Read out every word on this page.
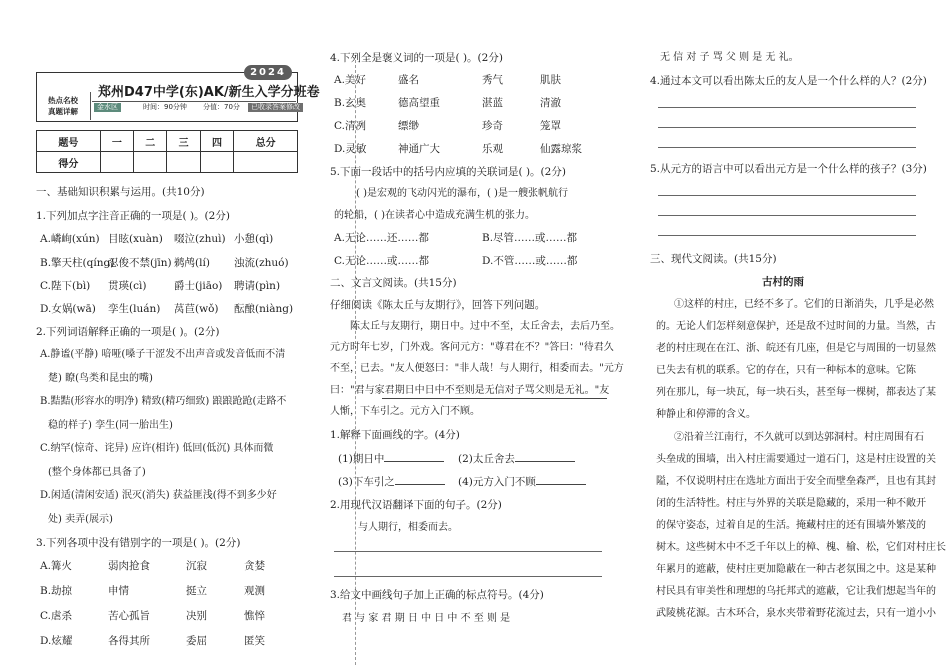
2024
郑州D47中学(东)AK/新生入学分班卷
热点名校
真题详解	金水区	时间：90分钟	分值：70分	已收录答案修改
题号	一	二	三	四	总分
得分					
一、基础知识积累与运用。(共10分)
1.下列加点字注音正确的一项是( )。(2分)
A.嶙峋(xún) 目眩(xuàn) 啜泣(zhuì) 小憩(qì)
B.擎天柱(qíng)
忍俊不禁(jīn) 鹈鸬(lí) 浊流(zhuó)
C.陛下(bì) 贯瑛(cì)	爵士(jiāo) 聘请(pìn)
D.女娲(wā) 孪生(luán) 莴苣(wǒ) 酝酿(niàng)
2.下列词语解释正确的一项是( )。(2分)
A.静谧(平静) 喑哑(嗓子干涩发不出声音或发音低而不清
楚) 瞭(鸟类和昆虫的嘴)
B.黠黠(形容水的明净) 精致(精巧细致) 踉踉跄跄(走路不
稳的样子) 孪生(同一胎出生)
C.纳罕(惊奇、诧异) 应许(相许) 低回(低沉) 具体而微
(整个身体都已具备了)
D.闲适(清闲安适) 泯灭(消失) 获益匪浅(得不到多少好
处) 卖弄(展示)
3.下列各项中没有错别字的一项是( )。(2分)
A.篝火	弱肉抢食	沉寂	贪婪
B.劫掠	申情	挺立	观测
C.虐杀	苦心孤旨	决别	憔悴
D.炫耀	各得其所	委屈	匿笑
4.下列全是褒义词的一项是( )。(2分)
A.美好	盛名	秀气	肌肤
B.玄奥	德高望重	湛蓝	清澈
C.清冽	缥缈	珍奇	笼罩
D.灵敏	神通广大	乐观	仙露琼浆
5.下面一段话中的括号内应填的关联词是( )。(2分)
( )是宏观的飞动闪光的瀑布，( )是一艘张帆航行
的轮船，( )在读者心中造成充满生机的张力。
A.无论……还……都	B.尽管……或……都
C.无论……或……都	D.不管……或……都
二、文言文阅读。(共15分)
仔细阅读《陈太丘与友期行》，回答下列问题。
陈太丘与友期行，期日中。过中不至，太丘舍去，去后乃至。
元方时年七岁，门外戏。客问元方："尊君在不？"答曰："待君久
不至，已去。"友人便怒曰："非人哉！与人期行，相委而去。"元方
曰："君与家君期日中日中不至则是无信对子骂父则是无礼。"友
人惭，下车引之。元方入门不顾。
1.解释下面画线的字。(4分)
(1)期日中	(2)太丘舍去
(3)下车引之	(4)元方入门不顾
2.用现代汉语翻译下面的句子。(2分)
与人期行，相委而去。
3.给文中画线句子加上正确的标点符号。(4分)
君 与 家 君 期 日 中 日 中 不 至 则 是
无 信 对 子 骂 父 则 是 无 礼。
4.通过本文可以看出陈太丘的友人是一个什么样的人？(2分)
5.从元方的语言中可以看出元方是一个什么样的孩子？(3分)
三、现代文阅读。(共15分)
古村的雨
①这样的村庄，已经不多了。它们的日渐消失，几乎是必然
的。无论人们怎样刻意保护，还是敌不过时间的力量。当然，古
老的村庄现在在江、浙、皖还有几座，但是它与周围的一切显然
已失去有机的联系。它的存在，只有一种标本的意味。它陈
列在那儿，每一块瓦，每一块石头，甚至每一棵树，都表达了某
种静止和停滞的含义。
②沿着兰江南行，不久就可以到达郭洞村。村庄周围有石
头垒成的围墙，出入村庄需要通过一道石门，这是村庄设置的关
隘，不仅说明村庄在选址方面出于安全而壁垒森严，且也有其封
闭的生活特性。村庄与外界的关联是隐藏的，采用一种不敞开
的保守姿态，过着自足的生活。掩藏村庄的还有围墙外繁茂的
树木。这些树木中不乏千年以上的樟、槐、榆、松，它们对村庄长
年累月的遮蔽，使村庄更加隐蔽在一种古老氛围之中。这是某种
村民具有审美性和理想的乌托邦式的遮蔽，它让我们想起当年的
武陵桃花源。古木环合，泉水夹带着野花流过去，只有一道小小
